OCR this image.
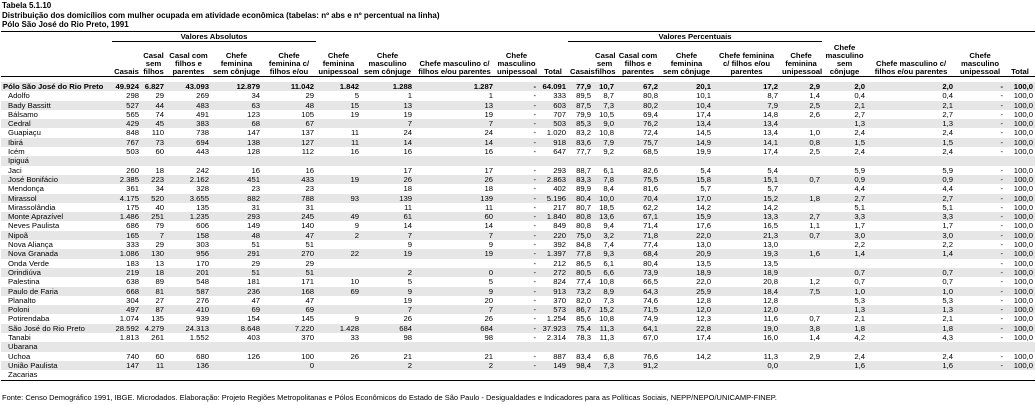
Tabela 5.1.10
Distribuição dos domicílios com mulher ocupada em atividade econômica (tabelas: nº abs e nº percentual na linha)
Pólo São José do Rio Preto, 1991
	Valores Absolutos										Valores Percentuais									
	Casais	Casal sem filhos	Casal com filhos e parentes	Chefe feminina sem cônjuge	Chefe feminina c/ filhos e/ou	Chefe feminina unipessoal	Chefe masculino sem cônjuge	Chefe masculino c/ filhos e/ou parentes	Chefe masculino unipessoal	Total	Casais	Casal sem filhos	Casal com filhos e parentes	Chefe feminina sem cônjuge	Chefe feminina c/ filhos e/ou parentes	Chefe feminina unipessoal	Chefe masculino sem cônjuge	Chefe masculino c/ filhos e/ou parentes	Chefe masculino unipessoal	Total

Pólo São José do Rio Preto	49.924	6.827	43.093	12.879	11.042	1.842	1.288	1.287	-	64.091	77,9	10,7	67,2	20,1	17,2	2,9	2,0	2,0	-	100,0
Adolfo	298	29	269	34	29	5	1	1	-	333	89,5	8,7	80,8	10,1	8,7	1,4	0,4	0,4	-	100,0
Bady Bassitt	527	44	483	63	48	15	13	13	-	603	87,5	7,3	80,2	10,4	7,9	2,5	2,1	2,1	-	100,0
Bálsamo	565	74	491	123	105	19	19	19	-	707	79,9	10,5	69,4	17,4	14,8	2,6	2,7	2,7	-	100,0
Cedral	429	45	383	68	67		7	7	-	503	85,3	9,0	76,2	13,4	13,4		1,3	1,3	-	100,0
Guapiaçu	848	110	738	147	137	11	24	24	-	1.020	83,2	10,8	72,4	14,5	13,4	1,0	2,4	2,4	-	100,0
Ibirá	767	73	694	138	127	11	14	14	-	918	83,6	7,9	75,7	14,9	14,1	0,8	1,5	1,5	-	100,0
Icém	503	60	443	128	112	16	16	16	-	647	77,7	9,2	68,5	19,9	17,4	2,5	2,4	2,4	-	100,0
Ipiguá																				
Jaci	260	18	242	16	16		17	17	-	293	88,7	6,1	82,6	5,4	5,4		5,9	5,9	-	100,0
José Bonifácio	2.385	223	2.162	451	433	19	26	26	-	2.863	83,3	7,8	75,5	15,8	15,1	0,7	0,9	0,9	-	100,0
Mendonça	361	34	328	23	23		18	18	-	402	89,9	8,4	81,6	5,7	5,7		4,4	4,4	-	100,0
Mirassol	4.175	520	3.655	882	788	93	139	139	-	5.196	80,4	10,0	70,4	17,0	15,2	1,8	2,7	2,7	-	100,0
Mirassolândia	175	40	135	31	31		11	11	-	217	80,7	18,5	62,2	14,2	14,2		5,1	5,1	-	100,0
Monte Aprazível	1.486	251	1.235	293	245	49	61	60	-	1.840	80,8	13,6	67,1	15,9	13,3	2,7	3,3	3,3	-	100,0
Neves Paulista	686	79	606	149	140	9	14	14	-	849	80,8	9,4	71,4	17,6	16,5	1,1	1,7	1,7	-	100,0
Nipoã	165	7	158	48	47	2	7	7	-	220	75,0	3,2	71,8	22,0	21,3	0,7	3,0	3,0	-	100,0
Nova Aliança	333	29	303	51	51		9	9	-	392	84,8	7,4	77,4	13,0	13,0		2,2	2,2	-	100,0
Nova Granada	1.086	130	956	291	270	22	19	19	-	1.397	77,8	9,3	68,4	20,9	19,3	1,6	1,4	1,4	-	100,0
Onda Verde	183	13	170	29	29				-	212	86,5	6,1	80,4	13,5	13,5				-	100,0
Orindiúva	219	18	201	51	51		2	0	-	272	80,5	6,6	73,9	18,9	18,9		0,7	0,7	-	100,0
Palestina	638	89	548	181	171	10	5	5	-	824	77,4	10,8	66,5	22,0	20,8	1,2	0,7	0,7	-	100,0
Paulo de Faria	668	81	587	236	168	69	9	9	-	913	73,2	8,9	64,3	25,9	18,4	7,5	1,0	1,0	-	100,0
Planalto	304	27	276	47	47		19	20	-	370	82,0	7,3	74,6	12,8	12,8		5,3	5,3	-	100,0
Poloni	497	87	410	69	69		7	7	-	573	86,7	15,2	71,5	12,0	12,0		1,3	1,3	-	100,0
Potirendaba	1.074	135	939	154	145	9	26	26	-	1.254	85,6	10,8	74,9	12,3	11,6	0,7	2,1	2,1	-	100,0
São José do Rio Preto	28.592	4.279	24.313	8.648	7.220	1.428	684	684	-	37.923	75,4	11,3	64,1	22,8	19,0	3,8	1,8	1,8	-	100,0
Tanabi	1.813	261	1.552	403	370	33	98	98	-	2.314	78,3	11,3	67,0	17,4	16,0	1,4	4,2	4,3	-	100,0
Ubarana																				
Uchoa	740	60	680	126	100	26	21	21	-	887	83,4	6,8	76,6	14,2	11,3	2,9	2,4	2,4	-	100,0
União Paulista	147	11	136		0		2	2	-	149	98,4	7,3	91,2		0,0		1,6	1,6	-	100,0
Zacarias																				
Fonte: Censo Demográfico 1991, IBGE. Microdados. Elaboração: Projeto Regiões Metropolitanas e Pólos Econômicos do Estado de São Paulo - Desigualdades e Indicadores para as Políticas Sociais, NEPP/NEPO/UNICAMP-FINEP.
